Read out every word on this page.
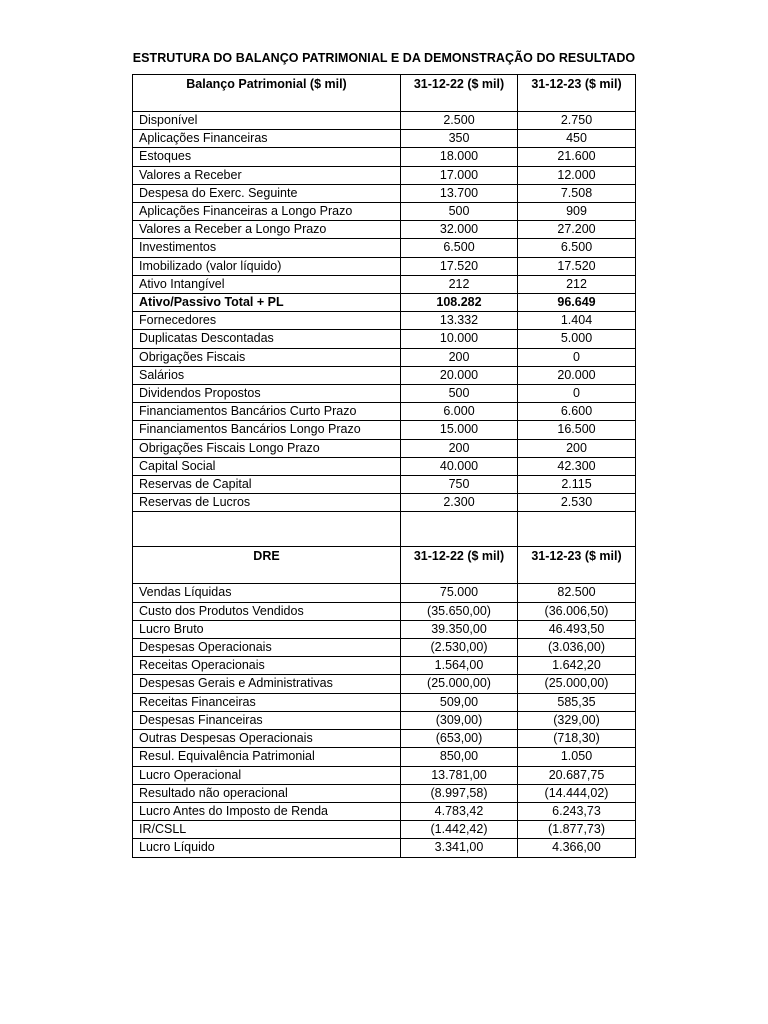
ESTRUTURA DO BALANÇO PATRIMONIAL E DA DEMONSTRAÇÃO DO RESULTADO
Balanço Patrimonial ($ mil)	31-12-22 ($ mil)	31-12-23 ($ mil)
Disponível	2.500	2.750
Aplicações Financeiras	350	450
Estoques	18.000	21.600
Valores a Receber	17.000	12.000
Despesa do Exerc. Seguinte	13.700	7.508
Aplicações Financeiras a Longo Prazo	500	909
Valores a Receber a Longo Prazo	32.000	27.200
Investimentos	6.500	6.500
Imobilizado (valor líquido)	17.520	17.520
Ativo Intangível	212	212
Ativo/Passivo Total + PL	108.282	96.649
Fornecedores	13.332	1.404
Duplicatas Descontadas	10.000	5.000
Obrigações Fiscais	200	0
Salários	20.000	20.000
Dividendos Propostos	500	0
Financiamentos Bancários Curto Prazo	6.000	6.600
Financiamentos Bancários Longo Prazo	15.000	16.500
Obrigações Fiscais Longo Prazo	200	200
Capital Social	40.000	42.300
Reservas de Capital	750	2.115
Reservas de Lucros	2.300	2.530

DRE	31-12-22 ($ mil)	31-12-23 ($ mil)
Vendas Líquidas	75.000	82.500
Custo dos Produtos Vendidos	(35.650,00)	(36.006,50)
Lucro Bruto	39.350,00	46.493,50
Despesas Operacionais	(2.530,00)	(3.036,00)
Receitas Operacionais	1.564,00	1.642,20
Despesas Gerais e Administrativas	(25.000,00)	(25.000,00)
Receitas Financeiras	509,00	585,35
Despesas Financeiras	(309,00)	(329,00)
Outras Despesas Operacionais	(653,00)	(718,30)
Resul. Equivalência Patrimonial	850,00	1.050
Lucro Operacional	13.781,00	20.687,75
Resultado não operacional	(8.997,58)	(14.444,02)
Lucro Antes do Imposto de Renda	4.783,42	6.243,73
IR/CSLL	(1.442,42)	(1.877,73)
Lucro Líquido	3.341,00	4.366,00
